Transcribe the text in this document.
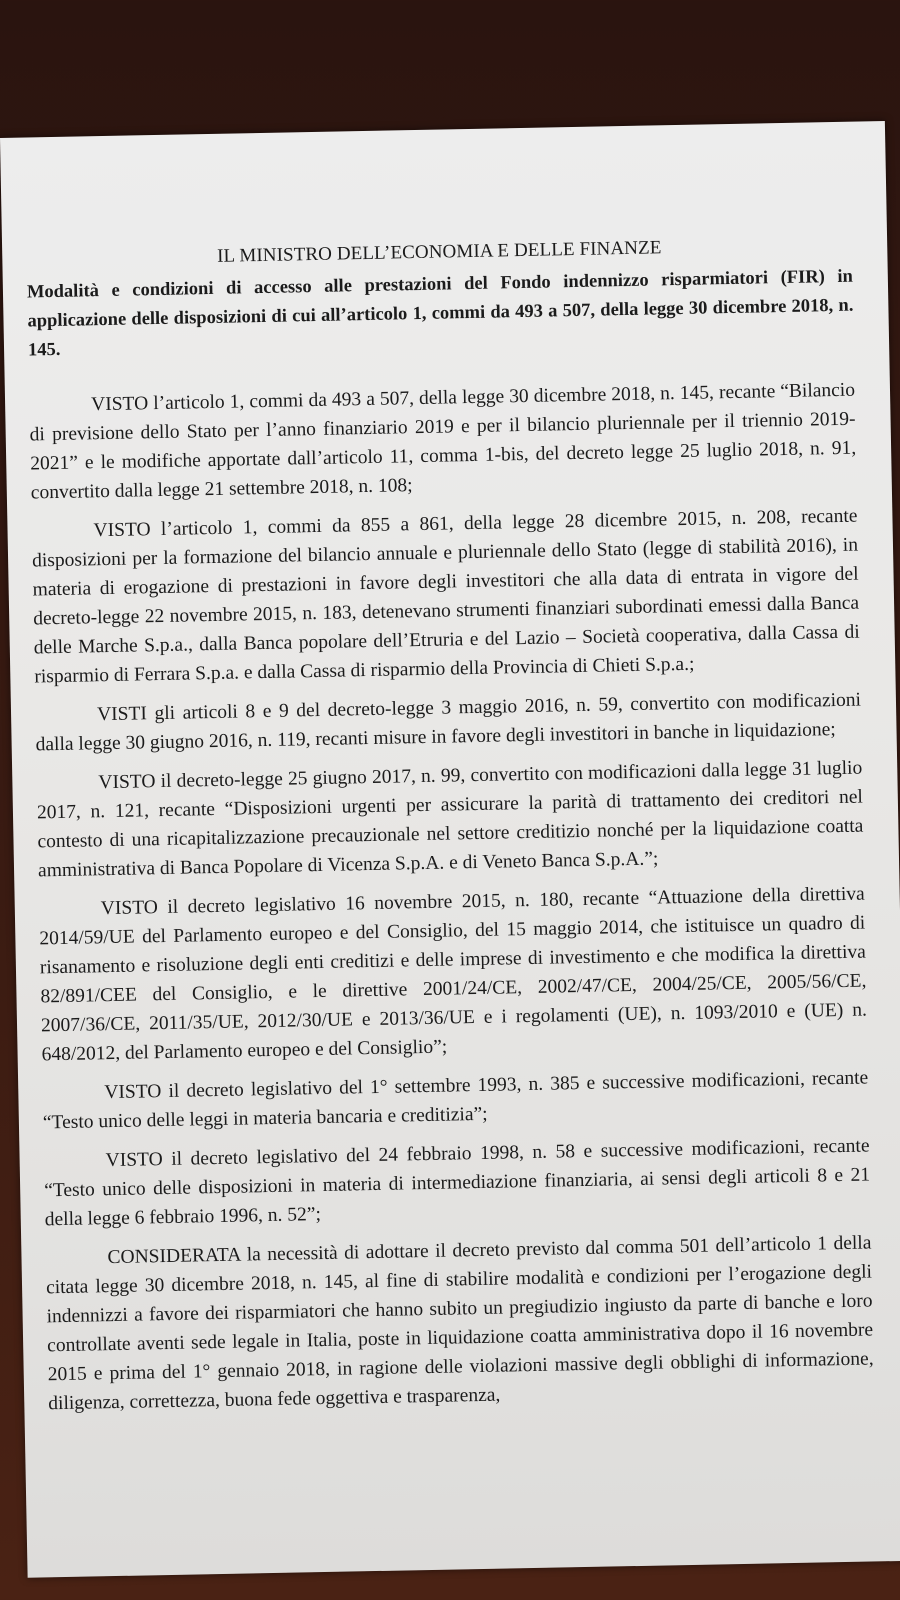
IL MINISTRO DELL’ECONOMIA E DELLE FINANZE
Modalità e condizioni di accesso alle prestazioni del Fondo indennizzo risparmiatori (FIR) in applicazione delle disposizioni di cui all’articolo 1, commi da 493 a 507, della legge 30 dicembre 2018, n. 145.

VISTO l’articolo 1, commi da 493 a 507, della legge 30 dicembre 2018, n. 145, recante “Bilancio di previsione dello Stato per l’anno finanziario 2019 e per il bilancio pluriennale per il triennio 2019-2021” e le modifiche apportate dall’articolo 11, comma 1-bis, del decreto legge 25 luglio 2018, n. 91, convertito dalla legge 21 settembre 2018, n. 108;

VISTO l’articolo 1, commi da 855 a 861, della legge 28 dicembre 2015, n. 208, recante disposizioni per la formazione del bilancio annuale e pluriennale dello Stato (legge di stabilità 2016), in materia di erogazione di prestazioni in favore degli investitori che alla data di entrata in vigore del decreto-legge 22 novembre 2015, n. 183, detenevano strumenti finanziari subordinati emessi dalla Banca delle Marche S.p.a., dalla Banca popolare dell’Etruria e del Lazio – Società cooperativa, dalla Cassa di risparmio di Ferrara S.p.a. e dalla Cassa di risparmio della Provincia di Chieti S.p.a.;

VISTI gli articoli 8 e 9 del decreto-legge 3 maggio 2016, n. 59, convertito con modificazioni dalla legge 30 giugno 2016, n. 119, recanti misure in favore degli investitori in banche in liquidazione;

VISTO il decreto-legge 25 giugno 2017, n. 99, convertito con modificazioni dalla legge 31 luglio 2017, n. 121, recante “Disposizioni urgenti per assicurare la parità di trattamento dei creditori nel contesto di una ricapitalizzazione precauzionale nel settore creditizio nonché per la liquidazione coatta amministrativa di Banca Popolare di Vicenza S.p.A. e di Veneto Banca S.p.A.”;

VISTO il decreto legislativo 16 novembre 2015, n. 180, recante “Attuazione della direttiva 2014/59/UE del Parlamento europeo e del Consiglio, del 15 maggio 2014, che istituisce un quadro di risanamento e risoluzione degli enti creditizi e delle imprese di investimento e che modifica la direttiva 82/891/CEE del Consiglio, e le direttive 2001/24/CE, 2002/47/CE, 2004/25/CE, 2005/56/CE, 2007/36/CE, 2011/35/UE, 2012/30/UE e 2013/36/UE e i regolamenti (UE), n. 1093/2010 e (UE) n. 648/2012, del Parlamento europeo e del Consiglio”;

VISTO il decreto legislativo del 1° settembre 1993, n. 385 e successive modificazioni, recante “Testo unico delle leggi in materia bancaria e creditizia”;

VISTO il decreto legislativo del 24 febbraio 1998, n. 58 e successive modificazioni, recante “Testo unico delle disposizioni in materia di intermediazione finanziaria, ai sensi degli articoli 8 e 21 della legge 6 febbraio 1996, n. 52”;

CONSIDERATA la necessità di adottare il decreto previsto dal comma 501 dell’articolo 1 della citata legge 30 dicembre 2018, n. 145, al fine di stabilire modalità e condizioni per l’erogazione degli indennizzi a favore dei risparmiatori che hanno subito un pregiudizio ingiusto da parte di banche e loro controllate aventi sede legale in Italia, poste in liquidazione coatta amministrativa dopo il 16 novembre 2015 e prima del 1° gennaio 2018, in ragione delle violazioni massive degli obblighi di informazione, diligenza, correttezza, buona fede oggettiva e trasparenza,
